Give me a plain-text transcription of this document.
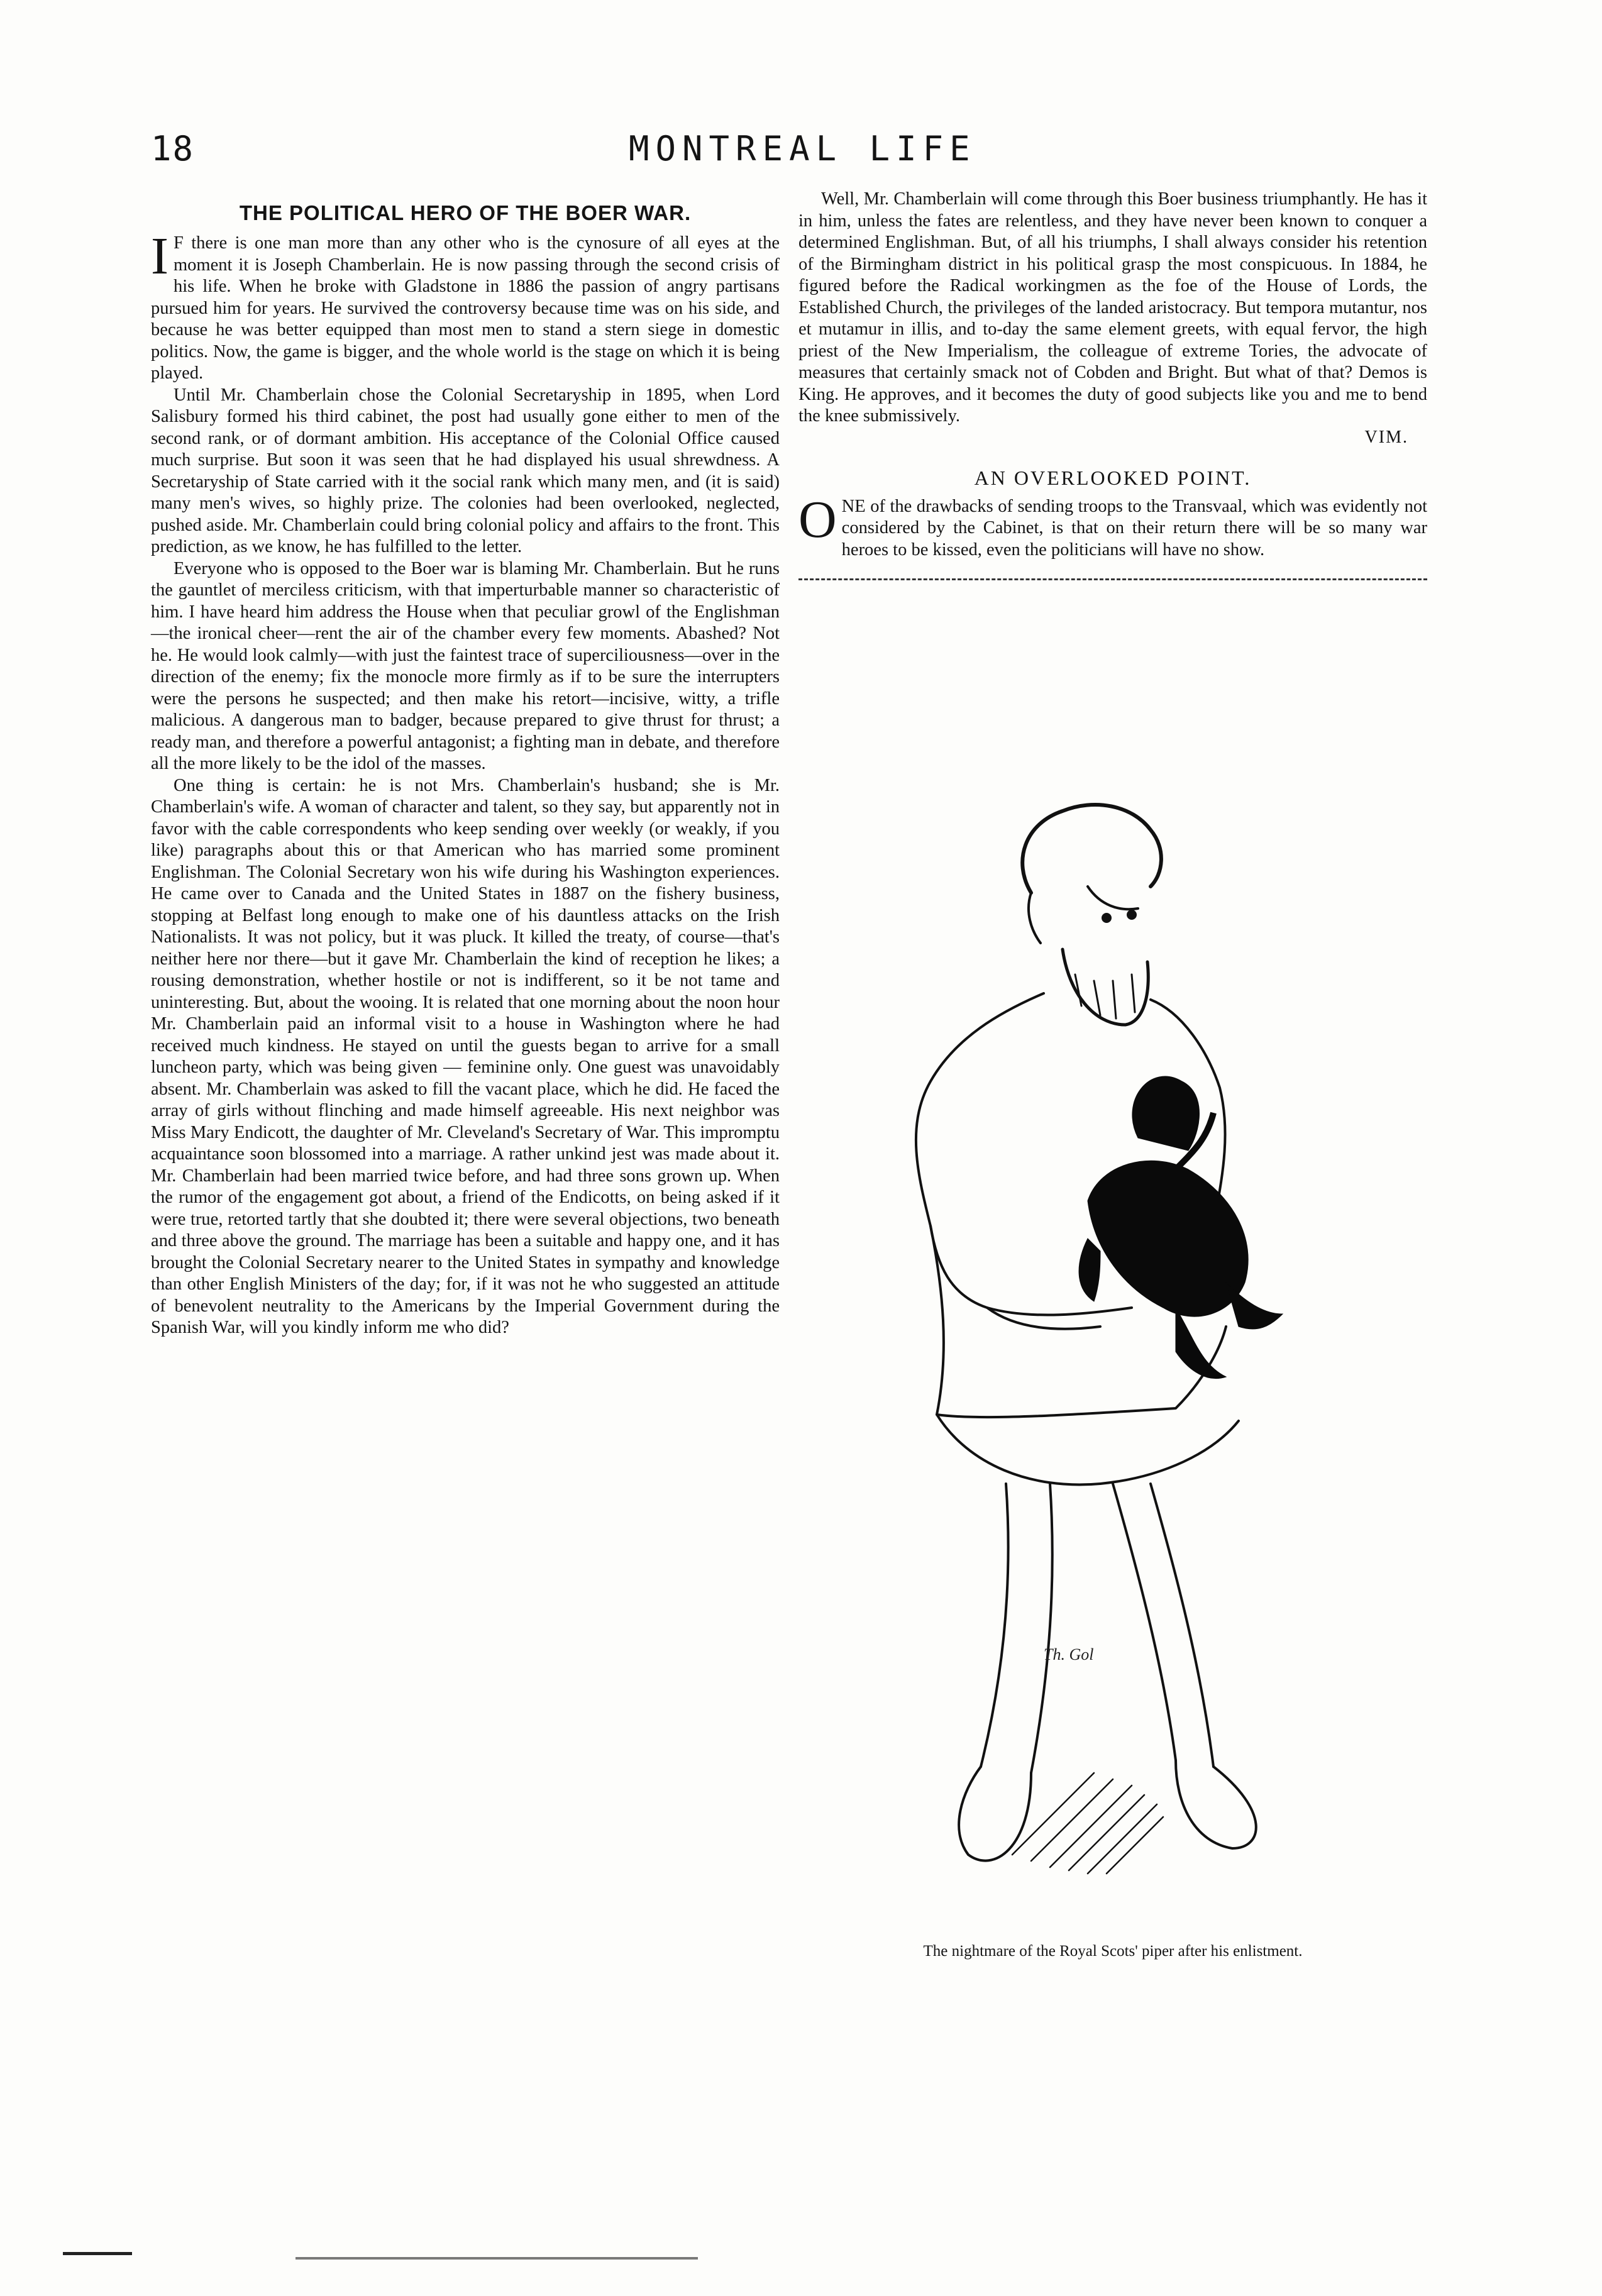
18	MONTREAL LIFE
THE POLITICAL HERO OF THE BOER WAR.

I F there is one man more than any other who is the cynosure of all eyes at the moment it is Joseph Chamberlain. He is now passing through the second crisis of his life. When he broke with Gladstone in 1886 the passion of angry partisans pursued him for years. He survived the controversy because time was on his side, and because he was better equipped than most men to stand a stern siege in domestic politics. Now, the game is bigger, and the whole world is the stage on which it is being played.

Until Mr. Chamberlain chose the Colonial Secretaryship in 1895, when Lord Salisbury formed his third cabinet, the post had usually gone either to men of the second rank, or of dormant ambition. His acceptance of the Colonial Office caused much surprise. But soon it was seen that he had displayed his usual shrewdness. A Secretaryship of State carried with it the social rank which many men, and (it is said) many men's wives, so highly prize. The colonies had been overlooked, neglected, pushed aside. Mr. Chamberlain could bring colonial policy and affairs to the front. This prediction, as we know, he has fulfilled to the letter.

Everyone who is opposed to the Boer war is blaming Mr. Chamberlain. But he runs the gauntlet of merciless criticism, with that imperturbable manner so characteristic of him. I have heard him address the House when that peculiar growl of the Englishman—the ironical cheer—rent the air of the chamber every few moments. Abashed? Not he. He would look calmly—with just the faintest trace of superciliousness—over in the direction of the enemy; fix the monocle more firmly as if to be sure the interrupters were the persons he suspected; and then make his retort—incisive, witty, a trifle malicious. A dangerous man to badger, because prepared to give thrust for thrust; a ready man, and therefore a powerful antagonist; a fighting man in debate, and therefore all the more likely to be the idol of the masses.

One thing is certain: he is not Mrs. Chamberlain's husband; she is Mr. Chamberlain's wife. A woman of character and talent, so they say, but apparently not in favor with the cable correspondents who keep sending over weekly (or weakly, if you like) paragraphs about this or that American who has married some prominent Englishman. The Colonial Secretary won his wife during his Washington experiences. He came over to Canada and the United States in 1887 on the fishery business, stopping at Belfast long enough to make one of his dauntless attacks on the Irish Nationalists. It was not policy, but it was pluck. It killed the treaty, of course—that's neither here nor there—but it gave Mr. Chamberlain the kind of reception he likes; a rousing demonstration, whether hostile or not is indifferent, so it be not tame and uninteresting. But, about the wooing. It is related that one morning about the noon hour Mr. Chamberlain paid an informal visit to a house in Washington where he had received much kindness. He stayed on until the guests began to arrive for a small luncheon party, which was being given — feminine only. One guest was unavoidably absent. Mr. Chamberlain was asked to fill the vacant place, which he did. He faced the array of girls without flinching and made himself agreeable. His next neighbor was Miss Mary Endicott, the daughter of Mr. Cleveland's Secretary of War. This impromptu acquaintance soon blossomed into a marriage. A rather unkind jest was made about it. Mr. Chamberlain had been married twice before, and had three sons grown up. When the rumor of the engagement got about, a friend of the Endicotts, on being asked if it were true, retorted tartly that she doubted it; there were several objections, two beneath and three above the ground. The marriage has been a suitable and happy one, and it has brought the Colonial Secretary nearer to the United States in sympathy and knowledge than other English Ministers of the day; for, if it was not he who suggested an attitude of benevolent neutrality to the Americans by the Imperial Government during the Spanish War, will you kindly inform me who did?

Well, Mr. Chamberlain will come through this Boer business triumphantly. He has it in him, unless the fates are relentless, and they have never been known to conquer a determined Englishman. But, of all his triumphs, I shall always consider his retention of the Birmingham district in his political grasp the most conspicuous. In 1884, he figured before the Radical workingmen as the foe of the House of Lords, the Established Church, the privileges of the landed aristocracy. But tempora mutantur, nos et mutamur in illis, and to-day the same element greets, with equal fervor, the high priest of the New Imperialism, the colleague of extreme Tories, the advocate of measures that certainly smack not of Cobden and Bright. But what of that? Demos is King. He approves, and it becomes the duty of good subjects like you and me to bend the knee submissively.

VIM.
AN OVERLOOKED POINT.

ONE of the drawbacks of sending troops to the Transvaal, which was evidently not considered by the Cabinet, is that on their return there will be so many war heroes to be kissed, even the politicians will have no show.

Th. Gol
The nightmare of the Royal Scots' piper after his enlistment.
